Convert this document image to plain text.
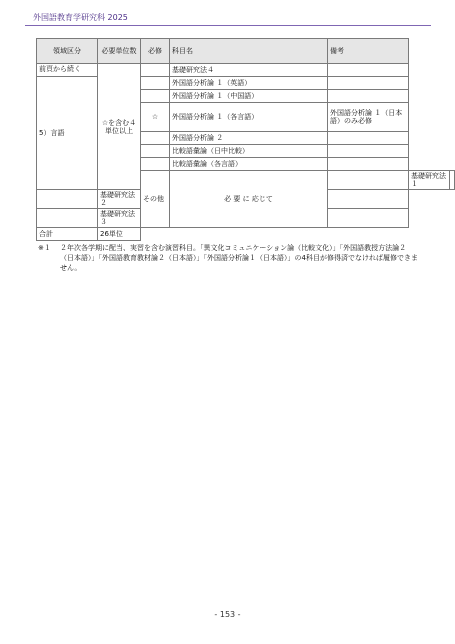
外国語教育学研究科 2025
領域区分	必要単位数	必修	科目名	備考		
前頁から続く	☆を含む４単位以上		基礎研究法４			
5）言語			外国語分析論 １（英語）			
			外国語分析論 １（中国語）			
		☆	外国語分析論 １（各言語）	外国語分析論 １（日本語）のみ必修		
			外国語分析論 ２			
			比較語彙論（日中比較）			
			比較語彙論（各言語）			
		その他	必 要 に 応じて		基礎研究法１	
	基礎研究法２					
	基礎研究法３					
合計	26単位					
※１ ２年次各学期に配当、実習を含む演習科目。「異文化コミュニケーション論（比較文化）」「外国語教授方法論２（日本語）」「外国語教育教材論２（日本語）」「外国語分析論１（日本語）」の4科目が修得済でなければ履修できません。
- 153 -
